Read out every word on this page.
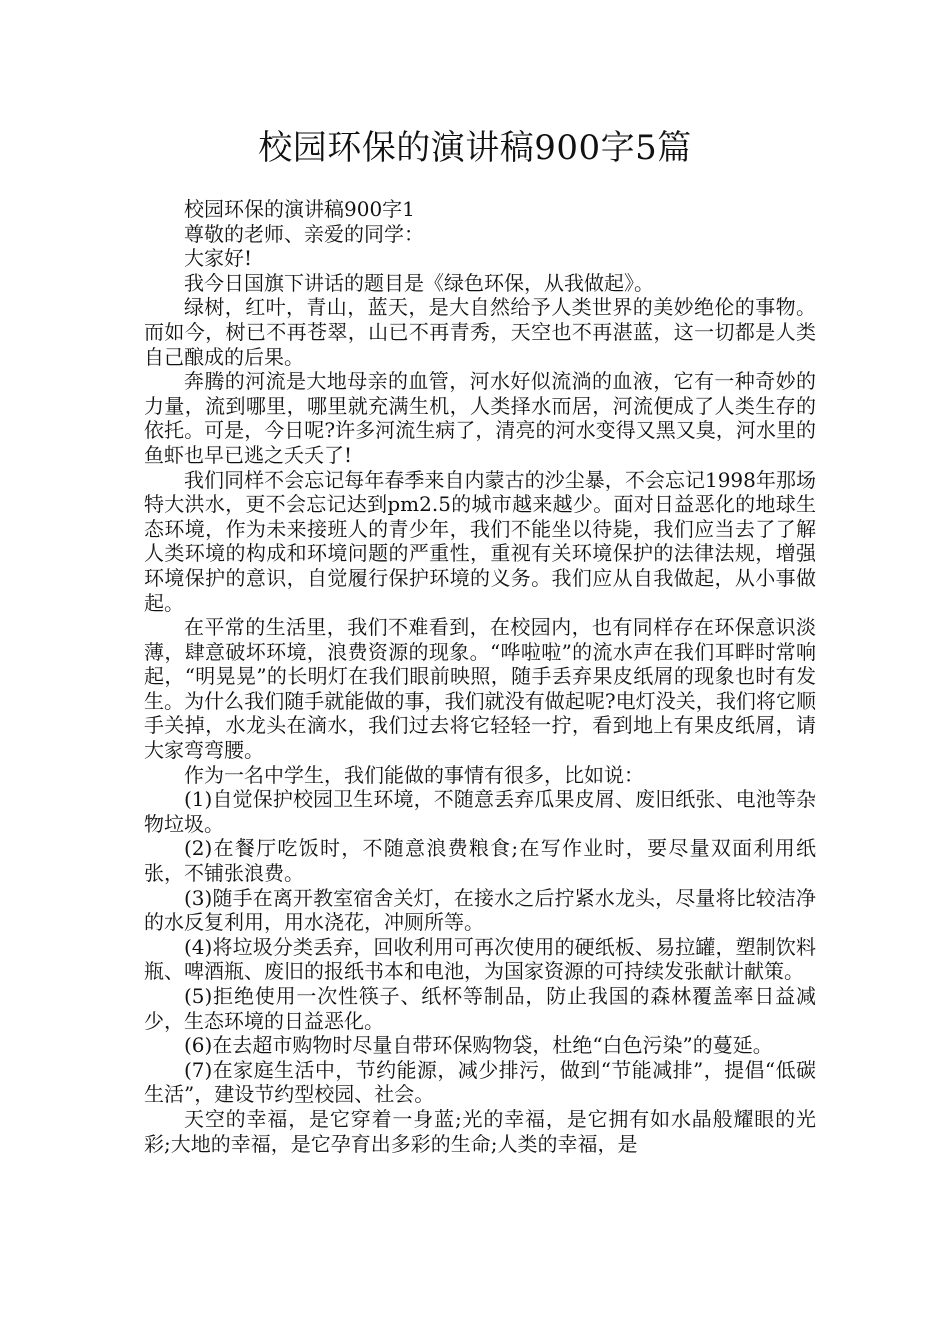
校园环保的演讲稿900字5篇

校园环保的演讲稿900字1

尊敬的老师、亲爱的同学：

大家好!

我今日国旗下讲话的题目是《绿色环保，从我做起》。

绿树，红叶，青山，蓝天，是大自然给予人类世界的美妙绝伦的事物。而如今，树已不再苍翠，山已不再青秀，天空也不再湛蓝，这一切都是人类自己酿成的后果。

奔腾的河流是大地母亲的血管，河水好似流淌的血液，它有一种奇妙的力量，流到哪里，哪里就充满生机，人类择水而居，河流便成了人类生存的依托。可是，今日呢?许多河流生病了，清亮的河水变得又黑又臭，河水里的鱼虾也早已逃之夭夭了!

我们同样不会忘记每年春季来自内蒙古的沙尘暴，不会忘记1998年那场特大洪水，更不会忘记达到pm2.5的城市越来越少。面对日益恶化的地球生态环境，作为未来接班人的青少年，我们不能坐以待毙，我们应当去了了解人类环境的构成和环境问题的严重性，重视有关环境保护的法律法规，增强环境保护的意识，自觉履行保护环境的义务。我们应从自我做起，从小事做起。

在平常的生活里，我们不难看到，在校园内，也有同样存在环保意识淡薄，肆意破坏环境，浪费资源的现象。“哗啦啦”的流水声在我们耳畔时常响起，“明晃晃”的长明灯在我们眼前映照，随手丢弃果皮纸屑的现象也时有发生。为什么我们随手就能做的事，我们就没有做起呢?电灯没关，我们将它顺手关掉，水龙头在滴水，我们过去将它轻轻一拧，看到地上有果皮纸屑，请大家弯弯腰。

作为一名中学生，我们能做的事情有很多，比如说：

(1)自觉保护校园卫生环境，不随意丢弃瓜果皮屑、废旧纸张、电池等杂物垃圾。

(2)在餐厅吃饭时，不随意浪费粮食;在写作业时，要尽量双面利用纸张，不铺张浪费。

(3)随手在离开教室宿舍关灯，在接水之后拧紧水龙头，尽量将比较洁净的水反复利用，用水浇花，冲厕所等。

(4)将垃圾分类丢弃，回收利用可再次使用的硬纸板、易拉罐，塑制饮料瓶、啤酒瓶、废旧的报纸书本和电池，为国家资源的可持续发张献计献策。

(5)拒绝使用一次性筷子、纸杯等制品，防止我国的森林覆盖率日益减少，生态环境的日益恶化。

(6)在去超市购物时尽量自带环保购物袋，杜绝“白色污染”的蔓延。

(7)在家庭生活中，节约能源，减少排污，做到“节能减排”，提倡“低碳生活”，建设节约型校园、社会。

天空的幸福，是它穿着一身蓝;光的幸福，是它拥有如水晶般耀眼的光彩;大地的幸福，是它孕育出多彩的生命;人类的幸福，是
